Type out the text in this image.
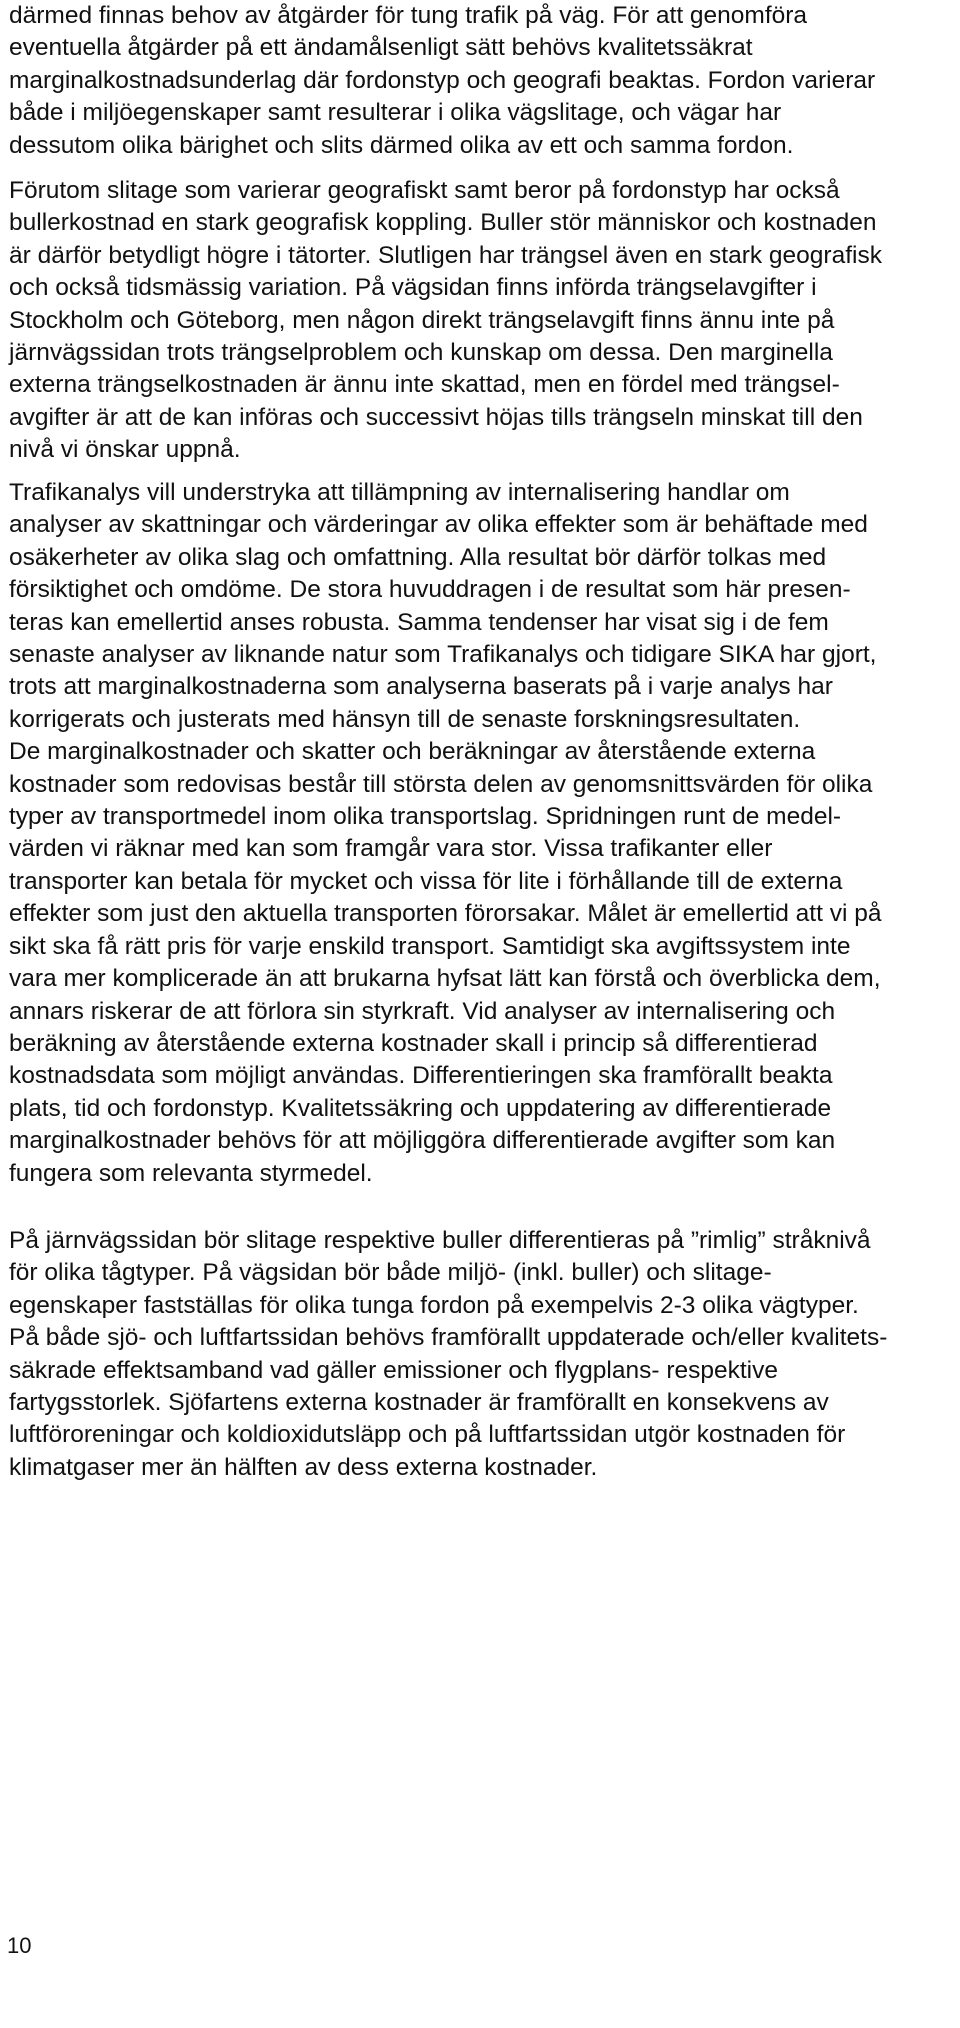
därmed finnas behov av åtgärder för tung trafik på väg. För att genomföra
eventuella åtgärder på ett ändamålsenligt sätt behövs kvalitetssäkrat
marginalkostnadsunderlag där fordonstyp och geografi beaktas. Fordon varierar
både i miljöegenskaper samt resulterar i olika vägslitage, och vägar har
dessutom olika bärighet och slits därmed olika av ett och samma fordon.

Förutom slitage som varierar geografiskt samt beror på fordonstyp har också
bullerkostnad en stark geografisk koppling. Buller stör människor och kostnaden
är därför betydligt högre i tätorter. Slutligen har trängsel även en stark geografisk
och också tidsmässig variation. På vägsidan finns införda trängselavgifter i
Stockholm och Göteborg, men någon direkt trängselavgift finns ännu inte på
järnvägssidan trots trängselproblem och kunskap om dessa. Den marginella
externa trängselkostnaden är ännu inte skattad, men en fördel med trängsel-
avgifter är att de kan införas och successivt höjas tills trängseln minskat till den
nivå vi önskar uppnå.

Trafikanalys vill understryka att tillämpning av internalisering handlar om
analyser av skattningar och värderingar av olika effekter som är behäftade med
osäkerheter av olika slag och omfattning. Alla resultat bör därför tolkas med
försiktighet och omdöme. De stora huvuddragen i de resultat som här presen-
teras kan emellertid anses robusta. Samma tendenser har visat sig i de fem
senaste analyser av liknande natur som Trafikanalys och tidigare SIKA har gjort,
trots att marginalkostnaderna som analyserna baserats på i varje analys har
korrigerats och justerats med hänsyn till de senaste forskningsresultaten.
De marginalkostnader och skatter och beräkningar av återstående externa
kostnader som redovisas består till största delen av genomsnittsvärden för olika
typer av transportmedel inom olika transportslag. Spridningen runt de medel-
värden vi räknar med kan som framgår vara stor. Vissa trafikanter eller
transporter kan betala för mycket och vissa för lite i förhållande till de externa
effekter som just den aktuella transporten förorsakar. Målet är emellertid att vi på
sikt ska få rätt pris för varje enskild transport. Samtidigt ska avgiftssystem inte
vara mer komplicerade än att brukarna hyfsat lätt kan förstå och överblicka dem,
annars riskerar de att förlora sin styrkraft. Vid analyser av internalisering och
beräkning av återstående externa kostnader skall i princip så differentierad
kostnadsdata som möjligt användas. Differentieringen ska framförallt beakta
plats, tid och fordonstyp. Kvalitetssäkring och uppdatering av differentierade
marginalkostnader behövs för att möjliggöra differentierade avgifter som kan
fungera som relevanta styrmedel.

På järnvägssidan bör slitage respektive buller differentieras på ”rimlig” stråknivå
för olika tågtyper. På vägsidan bör både miljö- (inkl. buller) och slitage-
egenskaper fastställas för olika tunga fordon på exempelvis 2-3 olika vägtyper.
På både sjö- och luftfartssidan behövs framförallt uppdaterade och/eller kvalitets-
säkrade effektsamband vad gäller emissioner och flygplans- respektive
fartygsstorlek. Sjöfartens externa kostnader är framförallt en konsekvens av
luftföroreningar och koldioxidutsläpp och på luftfartssidan utgör kostnaden för
klimatgaser mer än hälften av dess externa kostnader.

10
